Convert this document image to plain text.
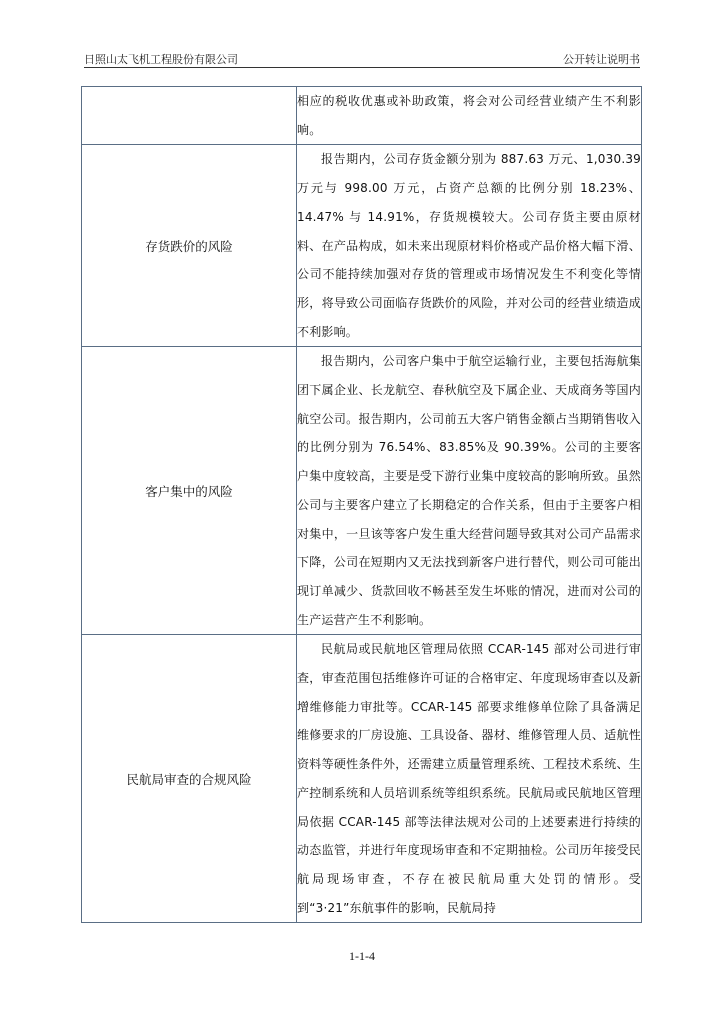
日照山太飞机工程股份有限公司	公开转让说明书

	相应的税收优惠或补助政策，将会对公司经营业绩产生不利影响。

存货跌价的风险	报告期内，公司存货金额分别为 887.63 万元、1,030.39 万元与 998.00 万元，占资产总额的比例分别 18.23%、14.47% 与 14.91%，存货规模较大。公司存货主要由原材料、在产品构成，如未来出现原材料价格或产品价格大幅下滑、公司不能持续加强对存货的管理或市场情况发生不利变化等情形，将导致公司面临存货跌价的风险，并对公司的经营业绩造成不利影响。

客户集中的风险	报告期内，公司客户集中于航空运输行业，主要包括海航集团下属企业、长龙航空、春秋航空及下属企业、天成商务等国内航空公司。报告期内，公司前五大客户销售金额占当期销售收入的比例分别为 76.54%、83.85%及 90.39%。公司的主要客户集中度较高，主要是受下游行业集中度较高的影响所致。虽然公司与主要客户建立了长期稳定的合作关系，但由于主要客户相对集中，一旦该等客户发生重大经营问题导致其对公司产品需求下降，公司在短期内又无法找到新客户进行替代，则公司可能出现订单减少、货款回收不畅甚至发生坏账的情况，进而对公司的生产运营产生不利影响。

民航局审查的合规风险	民航局或民航地区管理局依照 CCAR-145 部对公司进行审查，审查范围包括维修许可证的合格审定、年度现场审查以及新增维修能力审批等。CCAR-145 部要求维修单位除了具备满足维修要求的厂房设施、工具设备、器材、维修管理人员、适航性资料等硬性条件外，还需建立质量管理系统、工程技术系统、生产控制系统和人员培训系统等组织系统。民航局或民航地区管理局依据 CCAR-145 部等法律法规对公司的上述要素进行持续的动态监管，并进行年度现场审查和不定期抽检。公司历年接受民航局现场审查，不存在被民航局重大处罚的情形。受到“3·21”东航事件的影响，民航局持
1-1-4
